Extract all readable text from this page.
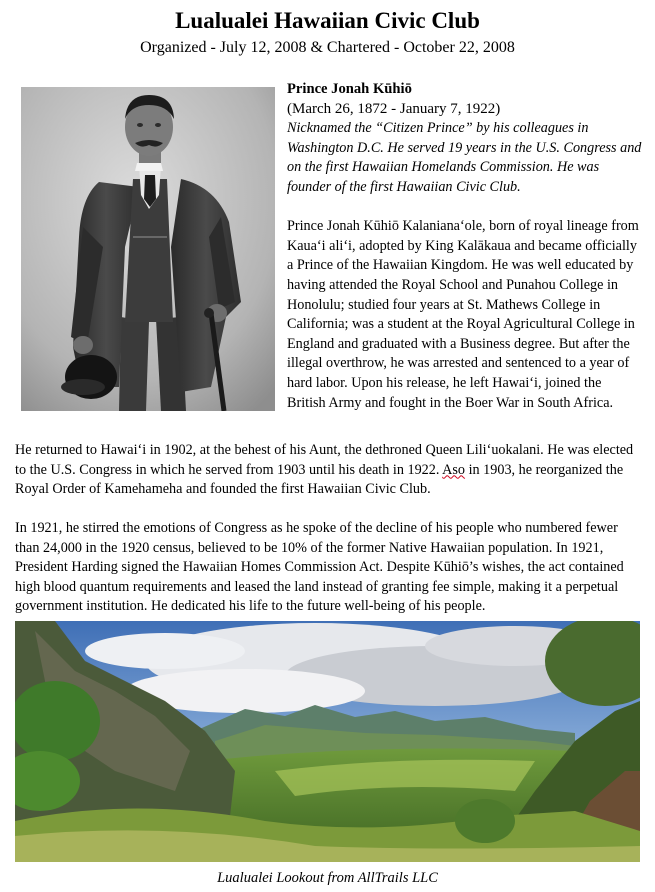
Lualualei Hawaiian Civic Club
Organized - July 12, 2008 & Chartered - October 22, 2008

Prince Jonah Kūhiō

(March 26, 1872 - January 7, 1922)

Nicknamed the “Citizen Prince” by his colleagues in Washington D.C. He served 19 years in the U.S. Congress and on the first Hawaiian Homelands Commission. He was founder of the first Hawaiian Civic Club.

Prince Jonah Kūhiō Kalanianaʻole, born of royal lineage from Kauaʻi aliʻi, adopted by King Kalākaua and became officially a Prince of the Hawaiian Kingdom. He was well educated by having attended the Royal School and Punahou College in Honolulu; studied four years at St. Mathews College in California; was a student at the Royal Agricultural College in England and graduated with a Business degree. But after the illegal overthrow, he was arrested and sentenced to a year of hard labor. Upon his release, he left Hawaiʻi, joined the British Army and fought in the Boer War in South Africa.

He returned to Hawaiʻi in 1902, at the behest of his Aunt, the dethroned Queen Liliʻuokalani. He was elected to the U.S. Congress in which he served from 1903 until his death in 1922. Aso in 1903, he reorganized the Royal Order of Kamehameha and founded the first Hawaiian Civic Club.

In 1921, he stirred the emotions of Congress as he spoke of the decline of his people who numbered fewer than 24,000 in the 1920 census, believed to be 10% of the former Native Hawaiian population. In 1921, President Harding signed the Hawaiian Homes Commission Act. Despite Kūhiō’s wishes, the act contained high blood quantum requirements and leased the land instead of granting fee simple, making it a perpetual government institution. He dedicated his life to the future well-being of his people.

Lualualei Lookout from AllTrails LLC
